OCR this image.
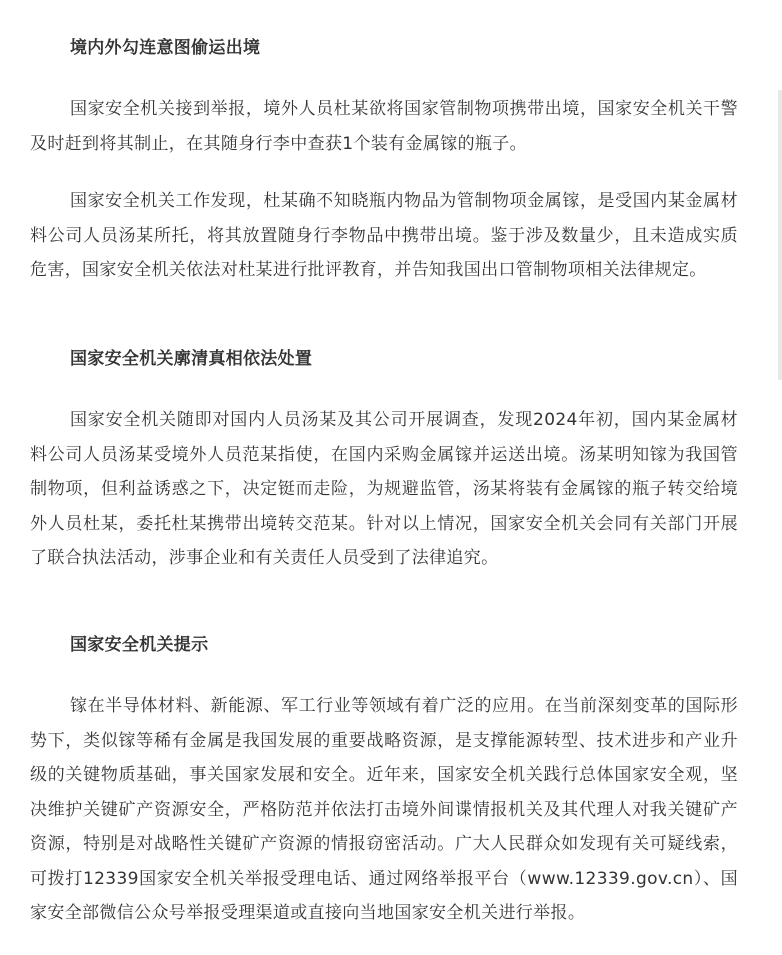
境内外勾连意图偷运出境
国家安全机关接到举报，境外人员杜某欲将国家管制物项携带出境，国家安全机关干警及时赶到将其制止，在其随身行李中查获1个装有金属镓的瓶子。
国家安全机关工作发现，杜某确不知晓瓶内物品为管制物项金属镓，是受国内某金属材料公司人员汤某所托，将其放置随身行李物品中携带出境。鉴于涉及数量少，且未造成实质危害，国家安全机关依法对杜某进行批评教育，并告知我国出口管制物项相关法律规定。
国家安全机关廓清真相依法处置
国家安全机关随即对国内人员汤某及其公司开展调查，发现2024年初，国内某金属材料公司人员汤某受境外人员范某指使，在国内采购金属镓并运送出境。汤某明知镓为我国管制物项，但利益诱惑之下，决定铤而走险，为规避监管，汤某将装有金属镓的瓶子转交给境外人员杜某，委托杜某携带出境转交范某。针对以上情况，国家安全机关会同有关部门开展了联合执法活动，涉事企业和有关责任人员受到了法律追究。
国家安全机关提示
镓在半导体材料、新能源、军工行业等领域有着广泛的应用。在当前深刻变革的国际形势下，类似镓等稀有金属是我国发展的重要战略资源，是支撑能源转型、技术进步和产业升级的关键物质基础，事关国家发展和安全。近年来，国家安全机关践行总体国家安全观，坚决维护关键矿产资源安全，严格防范并依法打击境外间谍情报机关及其代理人对我关键矿产资源，特别是对战略性关键矿产资源的情报窃密活动。广大人民群众如发现有关可疑线索，可拨打12339国家安全机关举报受理电话、通过网络举报平台（www.12339.gov.cn）、国家安全部微信公众号举报受理渠道或直接向当地国家安全机关进行举报。
